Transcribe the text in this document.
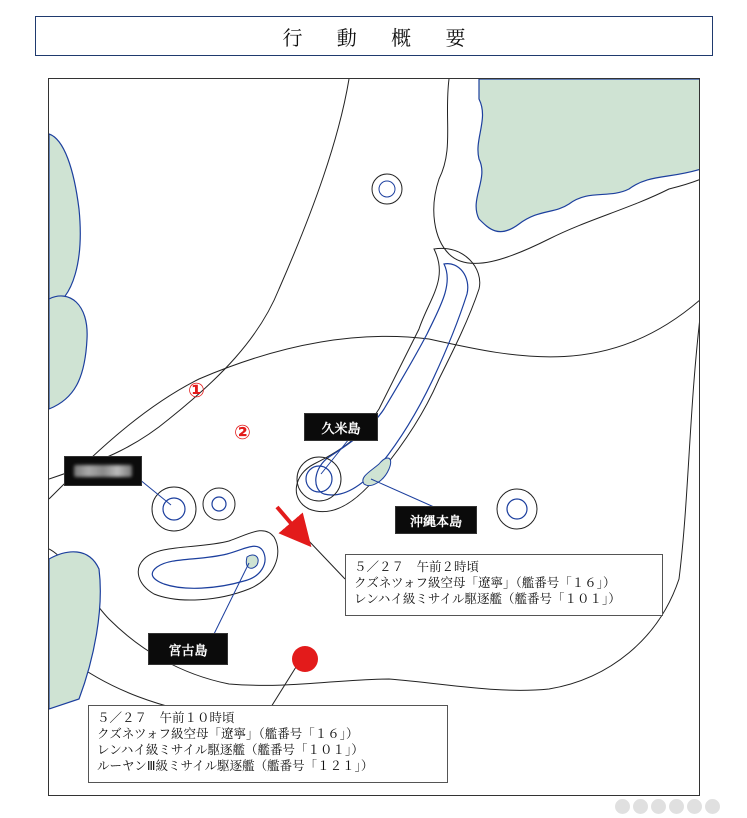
行 動 概 要
久米島
沖縄本島
宮古島
①
②
５／２７　午前２時頃
クズネツォフ級空母「遼寧」（艦番号「１６」）
レンハイ級ミサイル駆逐艦（艦番号「１０１」）
５／２７　午前１０時頃
クズネツォフ級空母「遼寧」（艦番号「１６」）
レンハイ級ミサイル駆逐艦（艦番号「１０１」）
ルーヤンⅢ級ミサイル駆逐艦（艦番号「１２１」）
